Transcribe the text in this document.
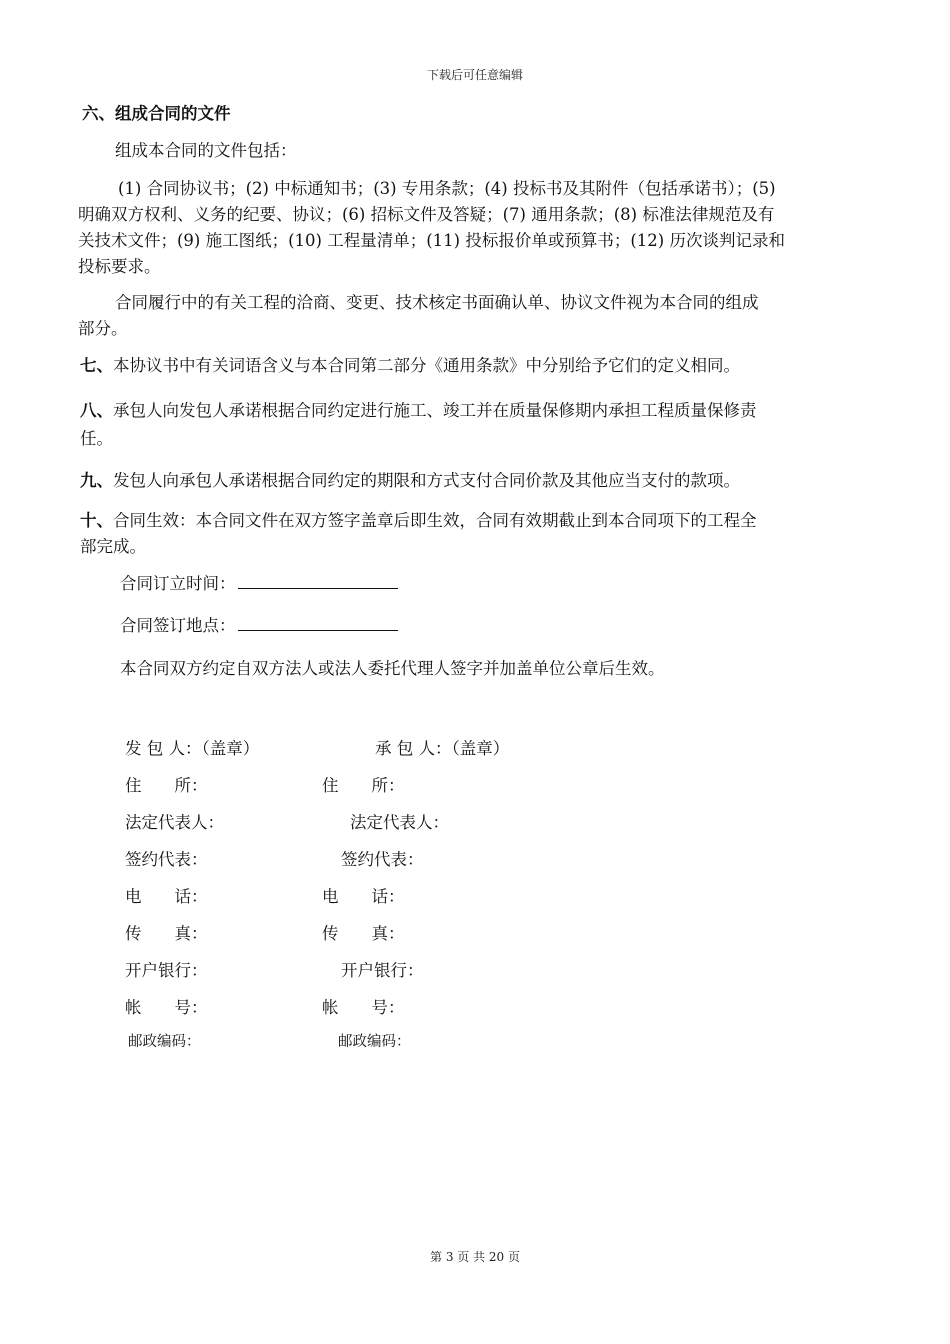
下载后可任意编辑
六、组成合同的文件
组成本合同的文件包括：
(1) 合同协议书；(2) 中标通知书；(3) 专用条款；(4) 投标书及其附件（包括承诺书）；(5)
明确双方权利、义务的纪要、协议；(6) 招标文件及答疑；(7) 通用条款；(8) 标准法律规范及有
关技术文件；(9) 施工图纸；(10) 工程量清单；(11) 投标报价单或预算书；(12) 历次谈判记录和
投标要求。
合同履行中的有关工程的洽商、变更、技术核定书面确认单、协议文件视为本合同的组成
部分。
七、本协议书中有关词语含义与本合同第二部分《通用条款》中分别给予它们的定义相同。
八、承包人向发包人承诺根据合同约定进行施工、竣工并在质量保修期内承担工程质量保修责
任。
九、发包人向承包人承诺根据合同约定的期限和方式支付合同价款及其他应当支付的款项。
十、合同生效：本合同文件在双方签字盖章后即生效，合同有效期截止到本合同项下的工程全
部完成。
合同订立时间：
合同签订地点：
本合同双方约定自双方法人或法人委托代理人签字并加盖单位公章后生效。
发 包 人：（盖章）
住　　所：
法定代表人：
签约代表：
电　　话：
传　　真：
开户银行：
帐　　号：
邮政编码：
承 包 人：（盖章）
住　　所：
法定代表人：
签约代表：
电　　话：
传　　真：
开户银行：
帐　　号：
邮政编码：
第 3 页 共 20 页
